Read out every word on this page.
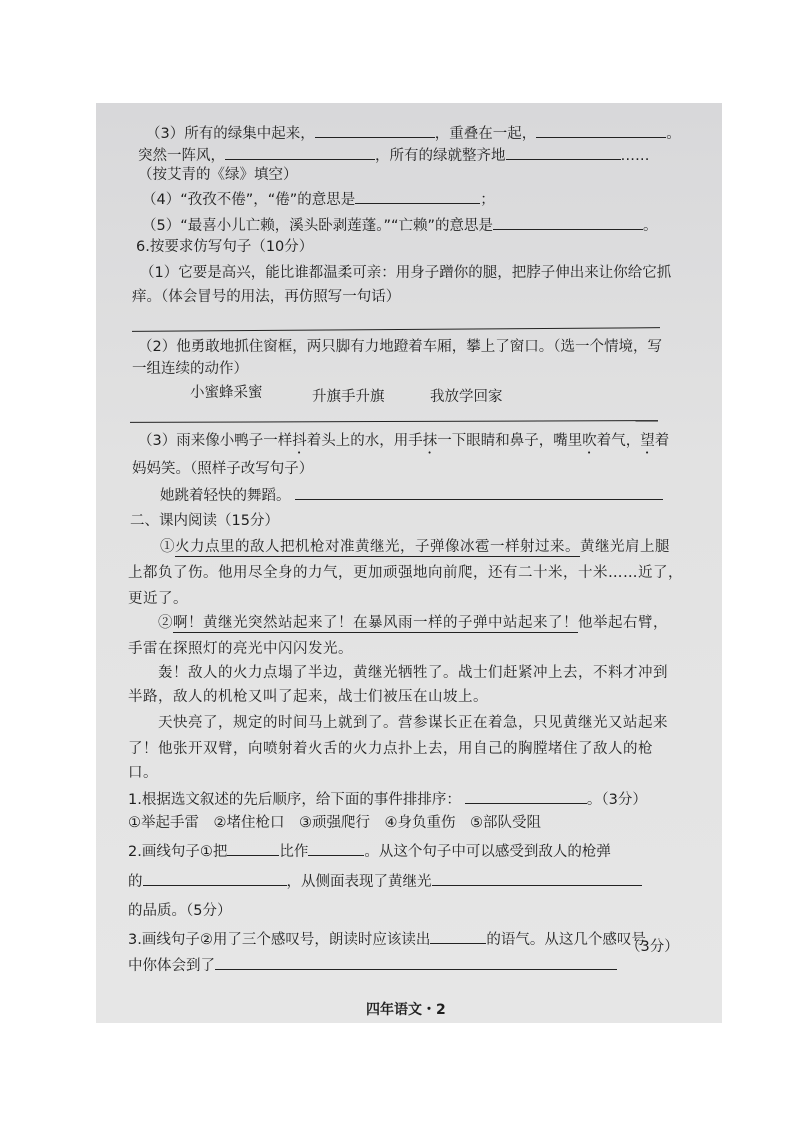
（3）所有的绿集中起来，	，重叠在一起，	。
突然一阵风，	，所有的绿就整齐地	……
（按艾青的《绿》填空）
（4）“孜孜不倦”，“倦”的意思是	；
（5）“最喜小儿亡赖，溪头卧剥莲蓬。”“亡赖”的意思是	。
6.按要求仿写句子（10分）
（1）它要是高兴，能比谁都温柔可亲：用身子蹭你的腿，把脖子伸出来让你给它抓
痒。（体会冒号的用法，再仿照写一句话）
（2）他勇敢地抓住窗框，两只脚有力地蹬着车厢，攀上了窗口。（选一个情境，写
一组连续的动作）
小蜜蜂采蜜	升旗手升旗	我放学回家
（3）雨来像小鸭子一样抖着头上的水，用手抹一下眼睛和鼻子，嘴里吹着气，望着
妈妈笑。（照样子改写句子）
她跳着轻快的舞蹈。
二、课内阅读（15分）
①火力点里的敌人把机枪对准黄继光，子弹像冰雹一样射过来。黄继光肩上腿
上都负了伤。他用尽全身的力气，更加顽强地向前爬，还有二十米，十米……近了，
更近了。
②啊！黄继光突然站起来了！在暴风雨一样的子弹中站起来了！他举起右臂，
手雷在探照灯的亮光中闪闪发光。
轰！敌人的火力点塌了半边，黄继光牺牲了。战士们赶紧冲上去，不料才冲到
半路，敌人的机枪又叫了起来，战士们被压在山坡上。
天快亮了，规定的时间马上就到了。营参谋长正在着急，只见黄继光又站起来
了！他张开双臂，向喷射着火舌的火力点扑上去，用自己的胸膛堵住了敌人的枪
口。
1.根据选文叙述的先后顺序，给下面的事件排排序：	。（3分）
①举起手雷　②堵住枪口　③顽强爬行　④身负重伤　⑤部队受阻
2.画线句子①把	比作	。从这个句子中可以感受到敌人的枪弹
的	，从侧面表现了黄继光
的品质。（5分）
3.画线句子②用了三个感叹号，朗读时应该读出	的语气。从这几个感叹号
（3分）
中你体会到了
四年语文・2
